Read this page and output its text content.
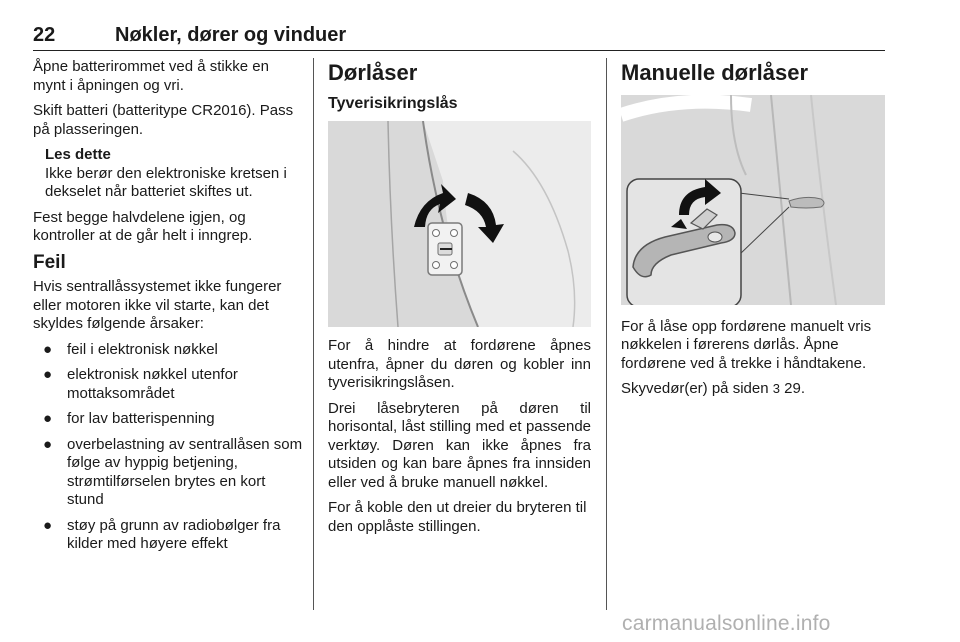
22	Nøkler, dører og vinduer

Åpne batterirommet ved å stikke en mynt i åpningen og vri.

Skift batteri (batteritype CR2016). Pass på plasseringen.

Les dette
Ikke berør den elektroniske kretsen i dekselet når batteriet skiftes ut.

Fest begge halvdelene igjen, og kontroller at de går helt i inngrep.

Feil

Hvis sentrallåssystemet ikke fungerer eller motoren ikke vil starte, kan det skyldes følgende årsaker:

● feil i elektronisk nøkkel
● elektronisk nøkkel utenfor mottaksområdet
● for lav batterispenning
● overbelastning av sentrallåsen som følge av hyppig betjening, strømtilførselen brytes en kort stund
● støy på grunn av radiobølger fra kilder med høyere effekt
Dørlåser
Tyverisikringslås

For å hindre at fordørene åpnes utenfra, åpner du døren og kobler inn tyverisikringslåsen.

Drei låsebryteren på døren til horisontal, låst stilling med et passende verktøy. Døren kan ikke åpnes fra utsiden og kan bare åpnes fra innsiden eller ved å bruke manuell nøkkel.

For å koble den ut dreier du bryteren til den opplåste stillingen.

Manuelle dørlåser

For å låse opp fordørene manuelt vris nøkkelen i førerens dørlås. Åpne fordørene ved å trekke i håndtakene.

Skyvedør(er) på siden 3 29.

carmanualsonline.info
